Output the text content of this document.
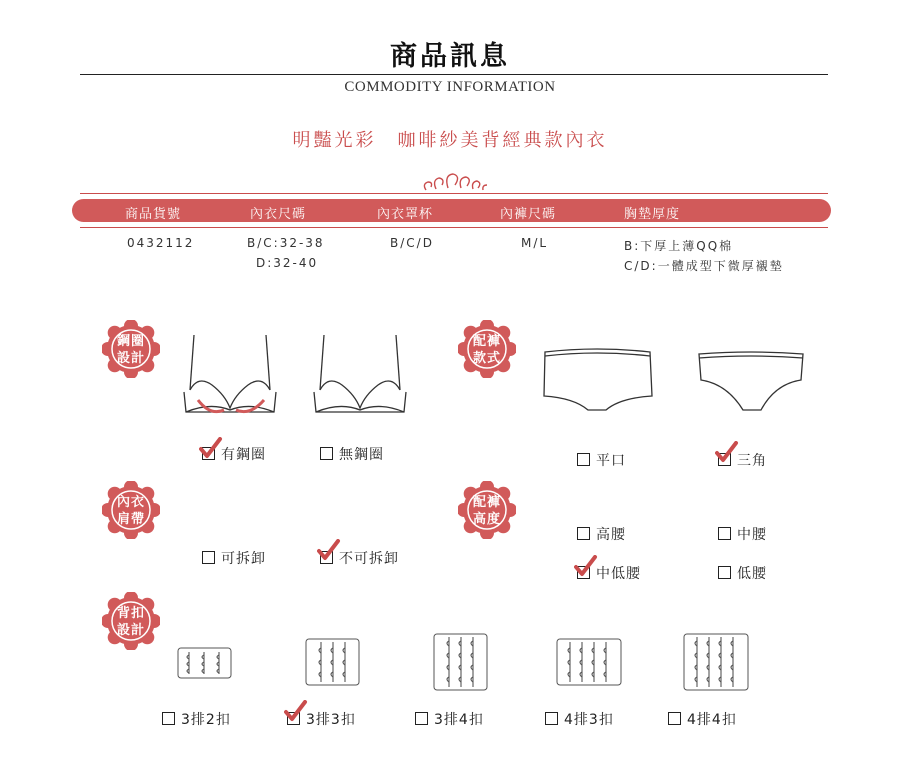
商品訊息
COMMODITY INFORMATION
明豔光彩　咖啡紗美背經典款內衣
商品貨號	內衣尺碼	內衣罩杯	內褲尺碼	胸墊厚度
0432112	B/C:32-38
D:32-40
B/C/D	M/L	B:下厚上薄QQ棉
C/D:一體成型下微厚襯墊
鋼圈
設計
有鋼圈	無鋼圈
配褲
款式
平口	三角
內衣
肩帶
可拆卸	不可拆卸
配褲
高度
高腰	中腰
中低腰	低腰
背扣
設計
3排2扣	3排3扣	3排4扣	4排3扣	4排4扣
